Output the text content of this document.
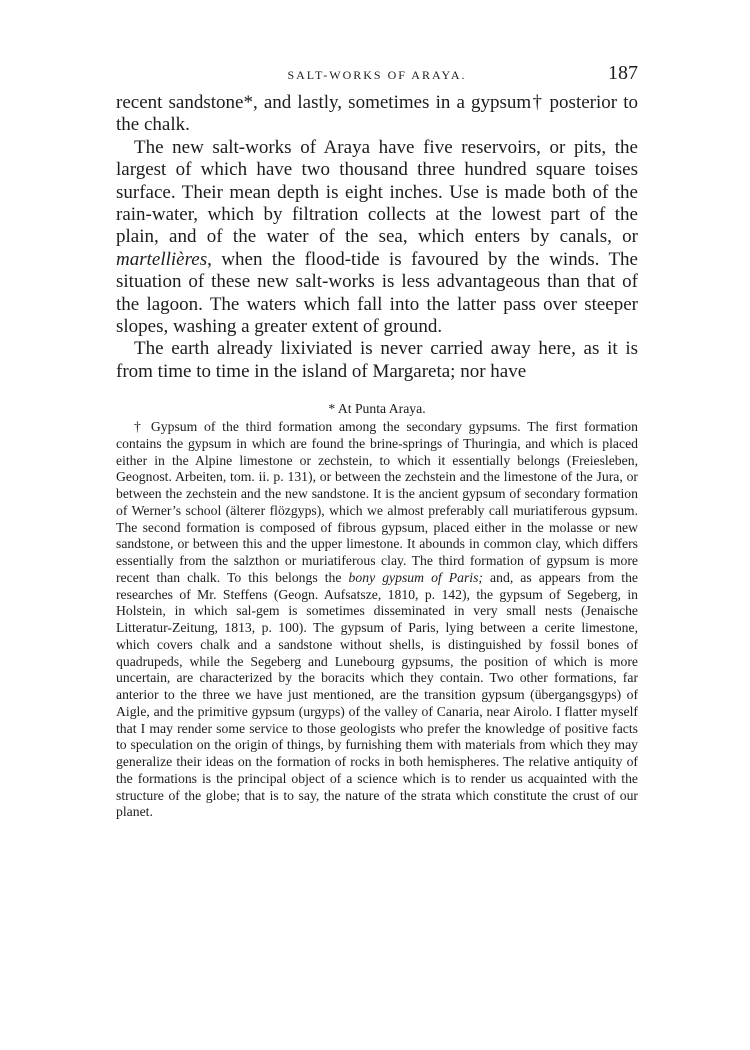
SALT-WORKS OF ARAYA.	187

recent sandstone*, and lastly, sometimes in a gypsum† posterior to the chalk.

The new salt-works of Araya have five reservoirs, or pits, the largest of which have two thousand three hundred square toises surface. Their mean depth is eight inches. Use is made both of the rain-water, which by filtration collects at the lowest part of the plain, and of the water of the sea, which enters by canals, or martellières, when the flood-tide is favoured by the winds. The situation of these new salt-works is less advantageous than that of the lagoon. The waters which fall into the latter pass over steeper slopes, washing a greater extent of ground.

The earth already lixiviated is never carried away here, as it is from time to time in the island of Margareta; nor have

* At Punta Araya.

† Gypsum of the third formation among the secondary gypsums. The first formation contains the gypsum in which are found the brine-springs of Thuringia, and which is placed either in the Alpine limestone or zechstein, to which it essentially belongs (Freiesleben, Geognost. Arbeiten, tom. ii. p. 131), or between the zechstein and the limestone of the Jura, or between the zechstein and the new sandstone. It is the ancient gypsum of secondary formation of Werner’s school (älterer flözgyps), which we almost preferably call muriatiferous gypsum. The second formation is composed of fibrous gypsum, placed either in the molasse or new sandstone, or between this and the upper limestone. It abounds in common clay, which differs essentially from the salzthon or muriatiferous clay. The third formation of gypsum is more recent than chalk. To this belongs the bony gypsum of Paris; and, as appears from the researches of Mr. Steffens (Geogn. Aufsatsze, 1810, p. 142), the gypsum of Segeberg, in Holstein, in which sal-gem is sometimes disseminated in very small nests (Jenaische Litteratur-Zeitung, 1813, p. 100). The gypsum of Paris, lying between a cerite limestone, which covers chalk and a sandstone without shells, is distinguished by fossil bones of quadrupeds, while the Segeberg and Lunebourg gypsums, the position of which is more uncertain, are characterized by the boracits which they contain. Two other formations, far anterior to the three we have just mentioned, are the transition gypsum (übergangsgyps) of Aigle, and the primitive gypsum (urgyps) of the valley of Canaria, near Airolo. I flatter myself that I may render some service to those geologists who prefer the knowledge of positive facts to speculation on the origin of things, by furnishing them with materials from which they may generalize their ideas on the formation of rocks in both hemispheres. The relative antiquity of the formations is the principal object of a science which is to render us acquainted with the structure of the globe; that is to say, the nature of the strata which constitute the crust of our planet.
